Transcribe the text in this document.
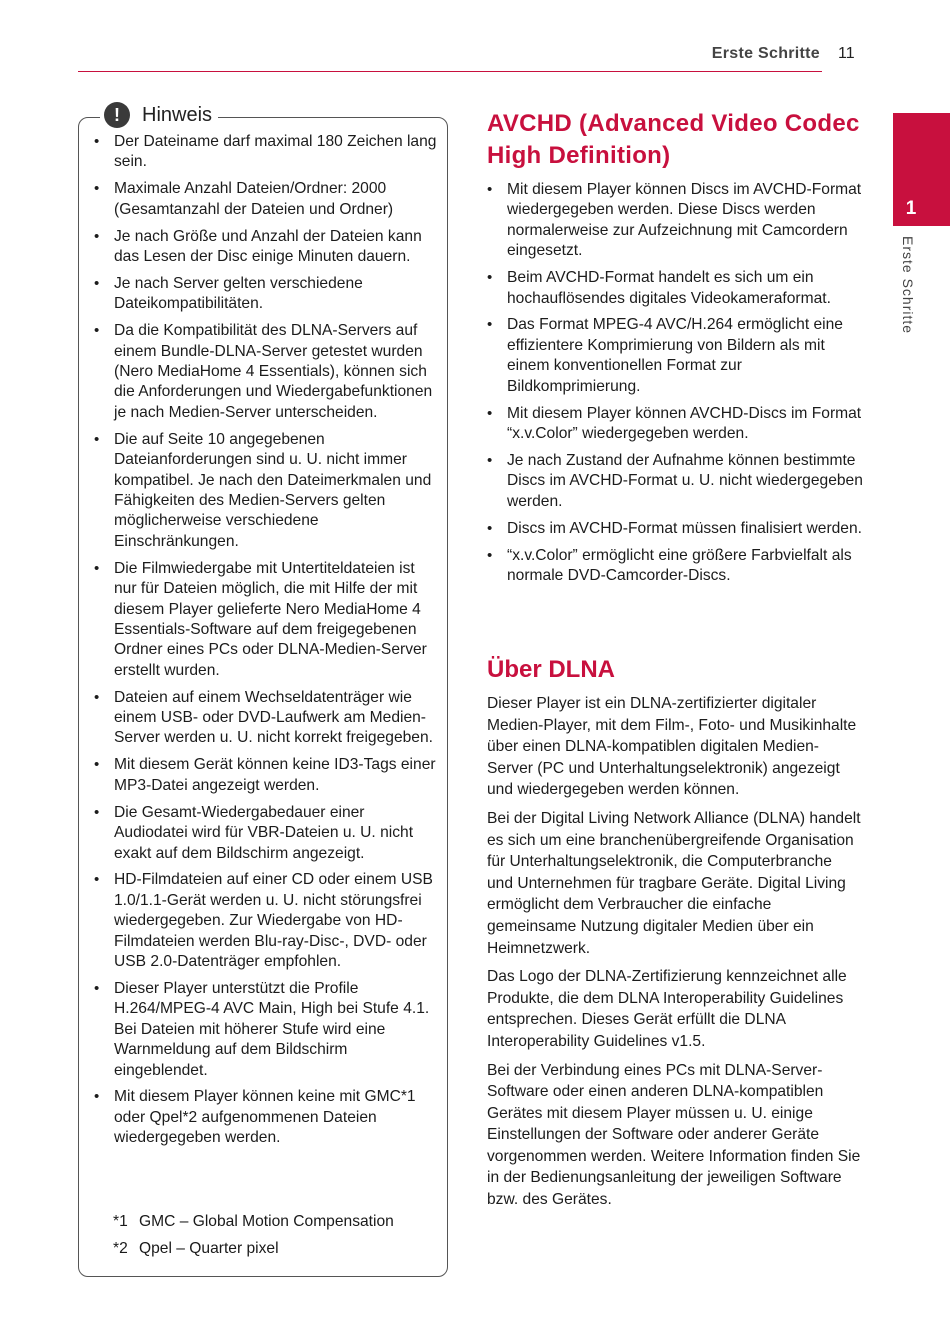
Erste Schritte 11
1
Erste Schritte
!	Hinweis
• Der Dateiname darf maximal 180 Zeichen lang sein.
• Maximale Anzahl Dateien/Ordner: 2000 (Gesamtanzahl der Dateien und Ordner)
• Je nach Größe und Anzahl der Dateien kann das Lesen der Disc einige Minuten dauern.
• Je nach Server gelten verschiedene Dateikompatibilitäten.
• Da die Kompatibilität des DLNA-Servers auf einem Bundle-DLNA-Server getestet wurden (Nero MediaHome 4 Essentials), können sich die Anforderungen und Wiedergabefunktionen je nach Medien-Server unterscheiden.
• Die auf Seite 10 angegebenen Dateianforderungen sind u. U. nicht immer kompatibel. Je nach den Dateimerkmalen und Fähigkeiten des Medien-Servers gelten möglicherweise verschiedene Einschränkungen.
• Die Filmwiedergabe mit Untertiteldateien ist nur für Dateien möglich, die mit Hilfe der mit diesem Player gelieferte Nero MediaHome 4 Essentials-Software auf dem freigegebenen Ordner eines PCs oder DLNA-Medien-Server erstellt wurden.
• Dateien auf einem Wechseldatenträger wie einem USB- oder DVD-Laufwerk am Medien-Server werden u. U. nicht korrekt freigegeben.
• Mit diesem Gerät können keine ID3-Tags einer MP3-Datei angezeigt werden.
• Die Gesamt-Wiedergabedauer einer Audiodatei wird für VBR-Dateien u. U. nicht exakt auf dem Bildschirm angezeigt.
• HD-Filmdateien auf einer CD oder einem USB 1.0/1.1-Gerät werden u. U. nicht störungsfrei wiedergegeben. Zur Wiedergabe von HD-Filmdateien werden Blu-ray-Disc-, DVD- oder USB 2.0-Datenträger empfohlen.
• Dieser Player unterstützt die Profile H.264/MPEG-4 AVC Main, High bei Stufe 4.1. Bei Dateien mit höherer Stufe wird eine Warnmeldung auf dem Bildschirm eingeblendet.
• Mit diesem Player können keine mit GMC*1 oder Qpel*2 aufgenommenen Dateien wiedergegeben werden.
*1 GMC – Global Motion Compensation
*2 Qpel – Quarter pixel
AVCHD (Advanced Video Codec High Definition)
• Mit diesem Player können Discs im AVCHD-Format wiedergegeben werden. Diese Discs werden normalerweise zur Aufzeichnung mit Camcordern eingesetzt.
• Beim AVCHD-Format handelt es sich um ein hochauflösendes digitales Videokameraformat.
• Das Format MPEG-4 AVC/H.264 ermöglicht eine effizientere Komprimierung von Bildern als mit einem konventionellen Format zur Bildkomprimierung.
• Mit diesem Player können AVCHD-Discs im Format “x.v.Color” wiedergegeben werden.
• Je nach Zustand der Aufnahme können bestimmte Discs im AVCHD-Format u. U. nicht wiedergegeben werden.
• Discs im AVCHD-Format müssen finalisiert werden.
• “x.v.Color” ermöglicht eine größere Farbvielfalt als normale DVD-Camcorder-Discs.
Über DLNA

Dieser Player ist ein DLNA-zertifizierter digitaler Medien-Player, mit dem Film-, Foto- und Musikinhalte über einen DLNA-kompatiblen digitalen Medien-Server (PC und Unterhaltungselektronik) angezeigt und wiedergegeben werden können.

Bei der Digital Living Network Alliance (DLNA) handelt es sich um eine branchenübergreifende Organisation für Unterhaltungselektronik, die Computerbranche und Unternehmen für tragbare Geräte. Digital Living ermöglicht dem Verbraucher die einfache gemeinsame Nutzung digitaler Medien über ein Heimnetzwerk.

Das Logo der DLNA-Zertifizierung kennzeichnet alle Produkte, die dem DLNA Interoperability Guidelines entsprechen. Dieses Gerät erfüllt die DLNA Interoperability Guidelines v1.5.

Bei der Verbindung eines PCs mit DLNA-Server-Software oder einen anderen DLNA-kompatiblen Gerätes mit diesem Player müssen u. U. einige Einstellungen der Software oder anderer Geräte vorgenommen werden. Weitere Information finden Sie in der Bedienungsanleitung der jeweiligen Software bzw. des Gerätes.
